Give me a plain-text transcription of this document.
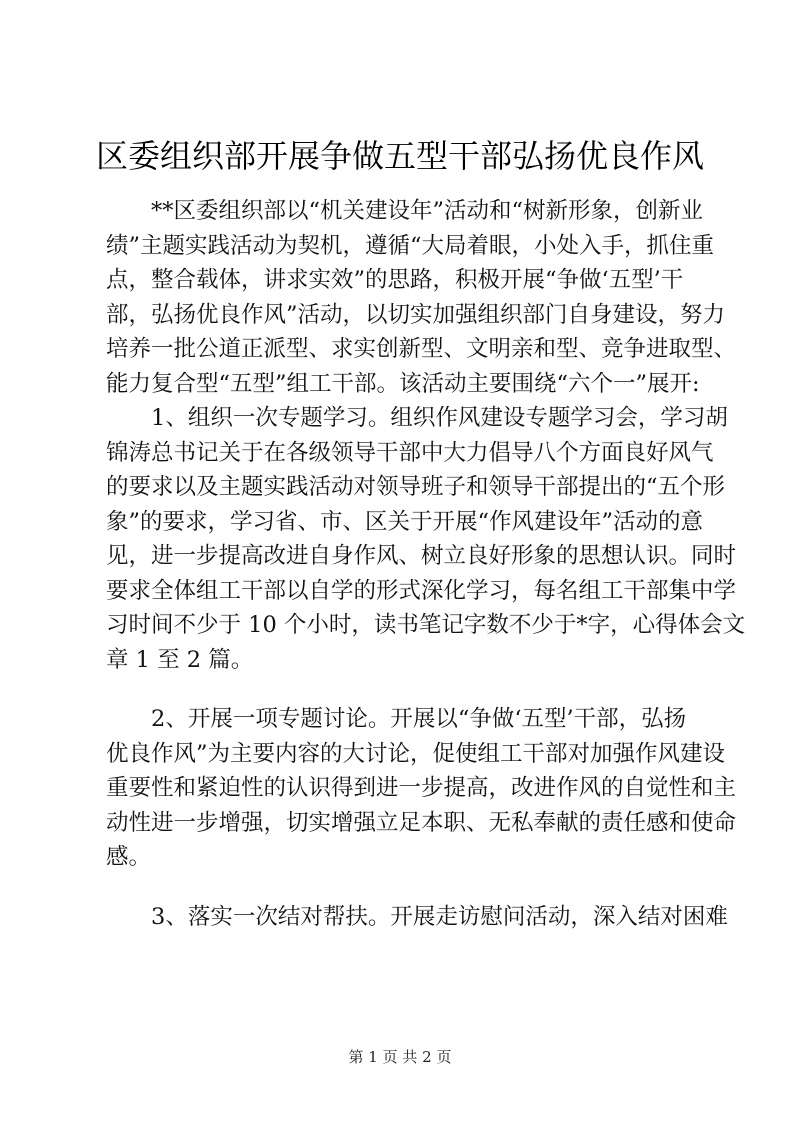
区委组织部开展争做五型干部弘扬优良作风
　　**区委组织部以“机关建设年”活动和“树新形象，创新业
绩”主题实践活动为契机，遵循“大局着眼，小处入手，抓住重
点，整合载体，讲求实效”的思路，积极开展“争做‘五型’干
部，弘扬优良作风”活动，以切实加强组织部门自身建设，努力
培养一批公道正派型、求实创新型、文明亲和型、竞争进取型、
能力复合型“五型”组工干部。该活动主要围绕“六个一”展开:
　　1、组织一次专题学习。组织作风建设专题学习会，学习胡
锦涛总书记关于在各级领导干部中大力倡导八个方面良好风气
的要求以及主题实践活动对领导班子和领导干部提出的“五个形
象”的要求，学习省、市、区关于开展“作风建设年”活动的意
见，进一步提高改进自身作风、树立良好形象的思想认识。同时
要求全体组工干部以自学的形式深化学习，每名组工干部集中学
习时间不少于 10 个小时，读书笔记字数不少于*字，心得体会文
章 1 至 2 篇。
　　2、开展一项专题讨论。开展以“争做‘五型’干部，弘扬
优良作风”为主要内容的大讨论，促使组工干部对加强作风建设
重要性和紧迫性的认识得到进一步提高，改进作风的自觉性和主
动性进一步增强，切实增强立足本职、无私奉献的责任感和使命
感。
　　3、落实一次结对帮扶。开展走访慰问活动，深入结对困难
第 1 页 共 2 页
